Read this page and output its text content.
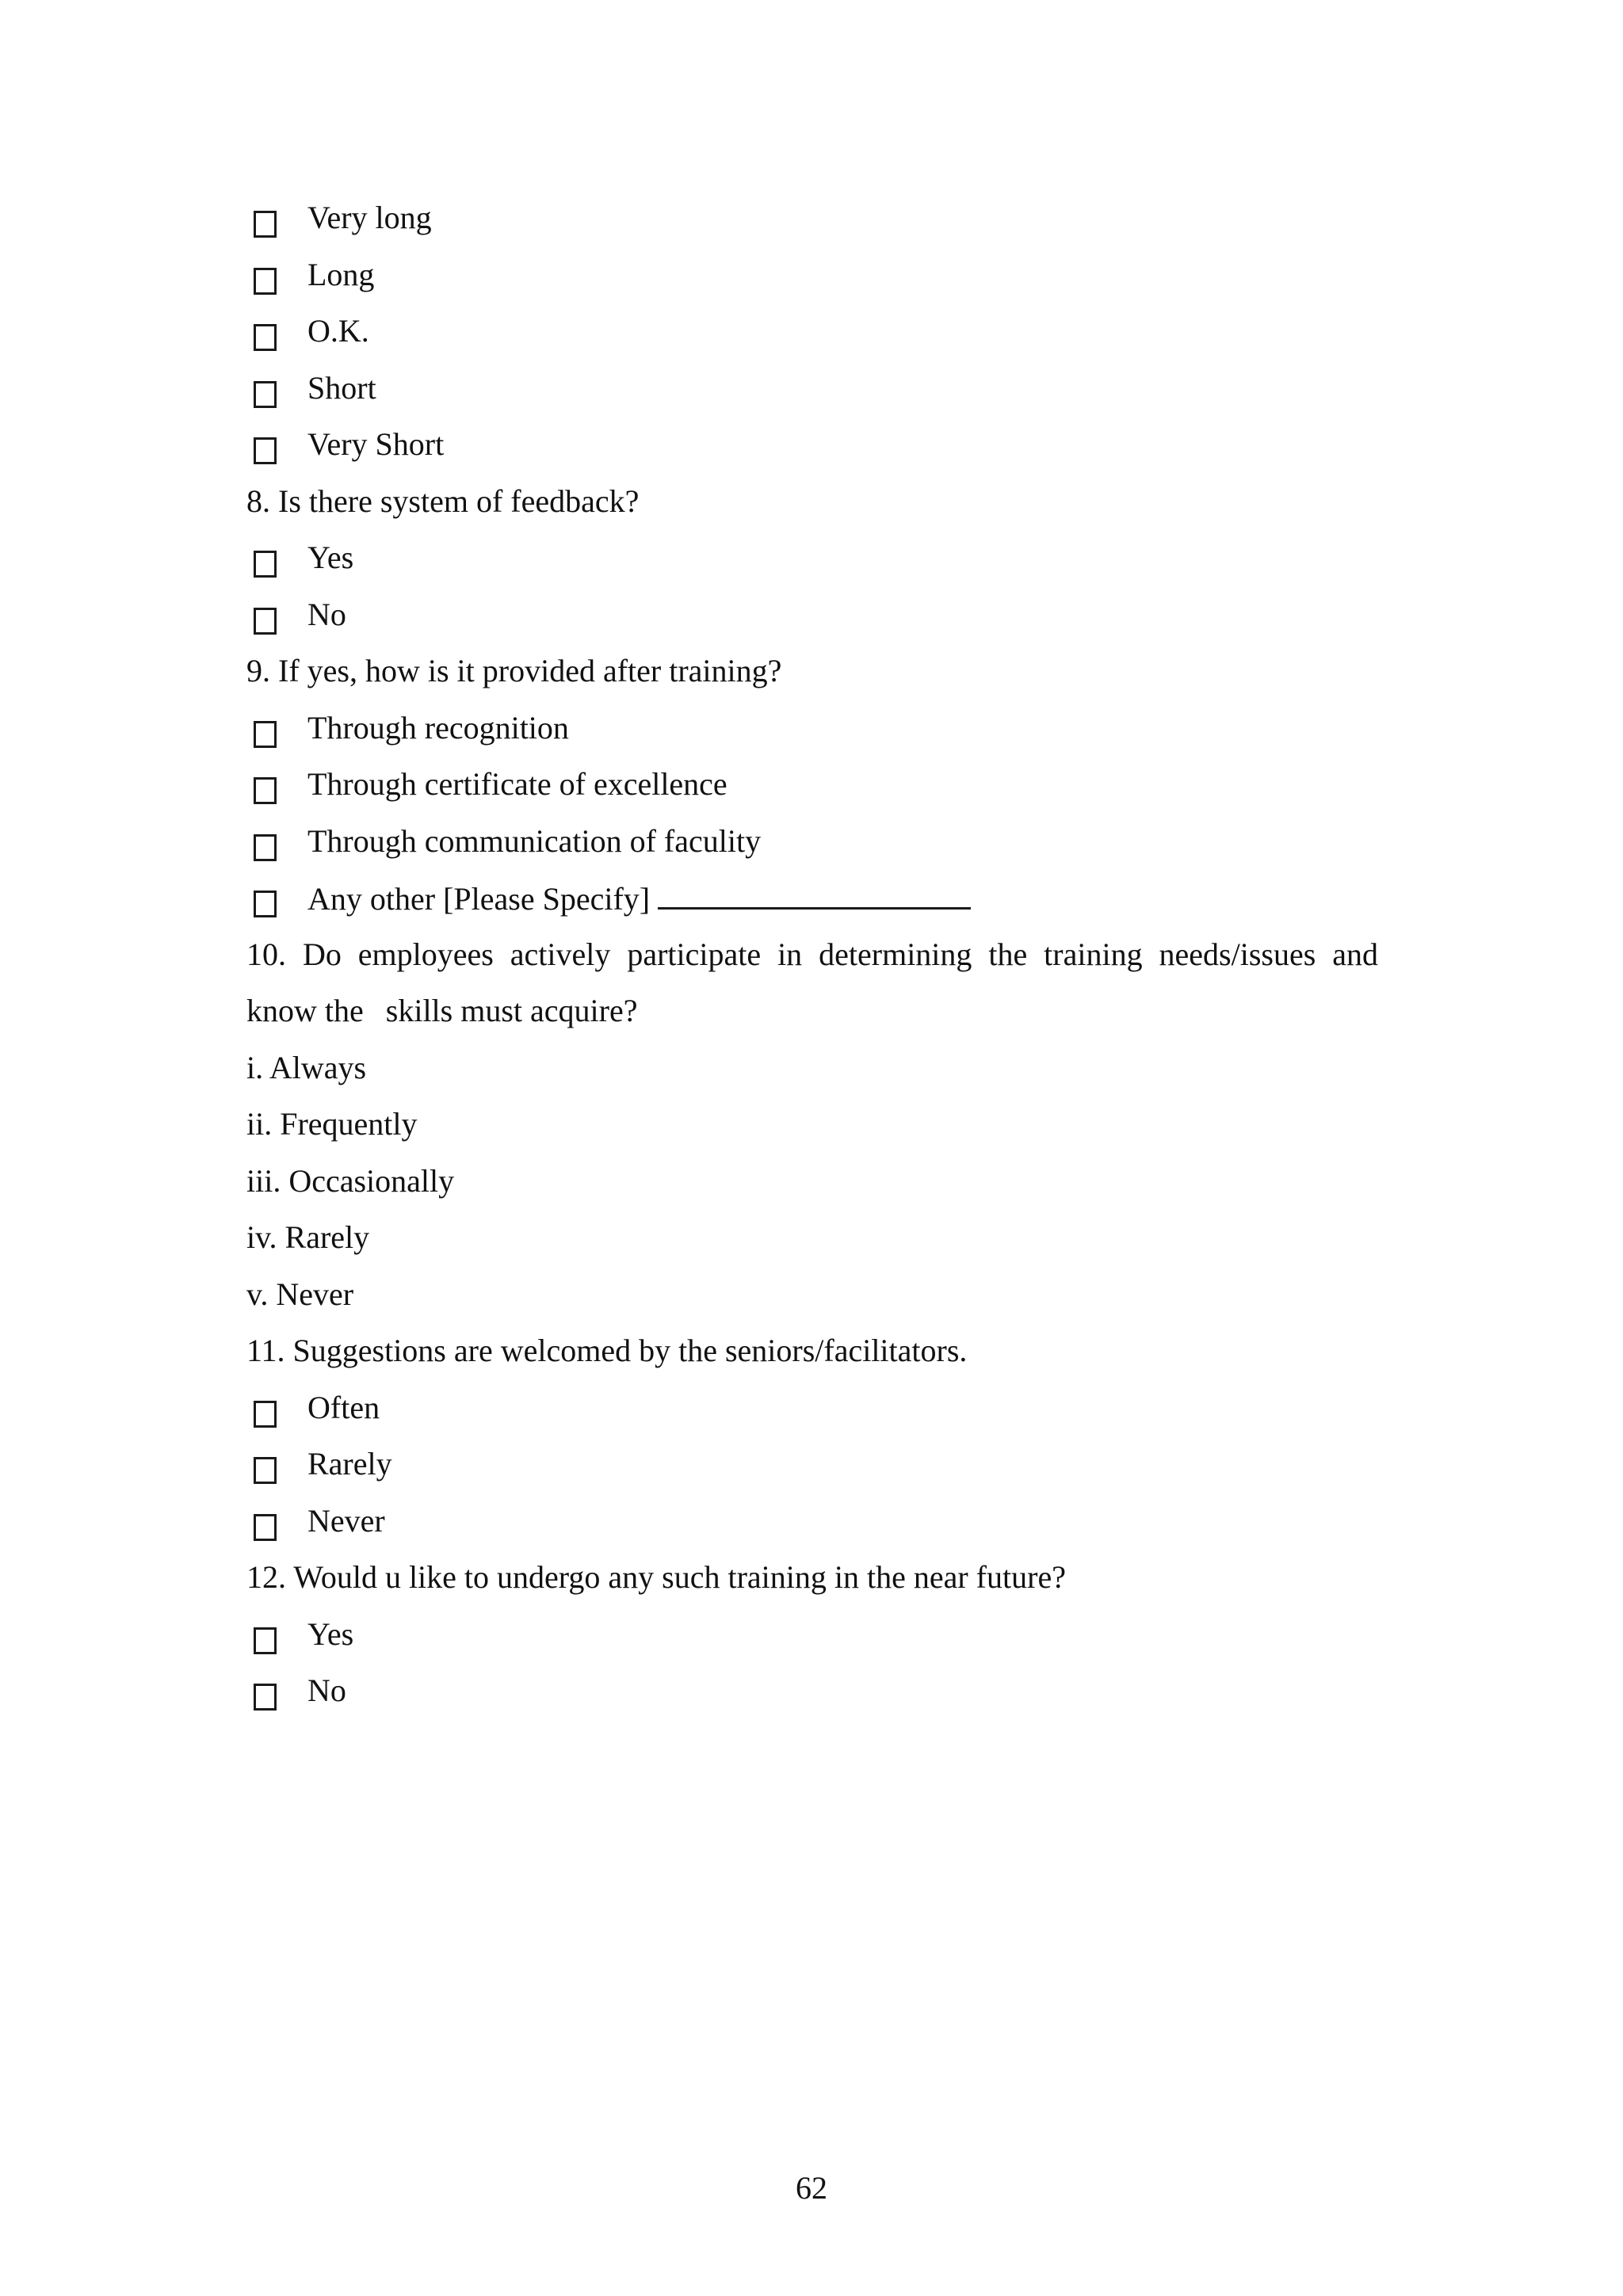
Very long
Long
O.K.
Short
Very Short
8. Is there system of feedback?
Yes
No
9. If yes, how is it provided after training?
Through recognition
Through certificate of excellence
Through communication of faculity
Any other [Please Specify]
10. Do employees actively participate in determining the training needs/issues and
know the skills must acquire?
i. Always
ii. Frequently
iii. Occasionally
iv. Rarely
v. Never
11. Suggestions are welcomed by the seniors/facilitators.
Often
Rarely
Never
12. Would u like to undergo any such training in the near future?
Yes
No
62
